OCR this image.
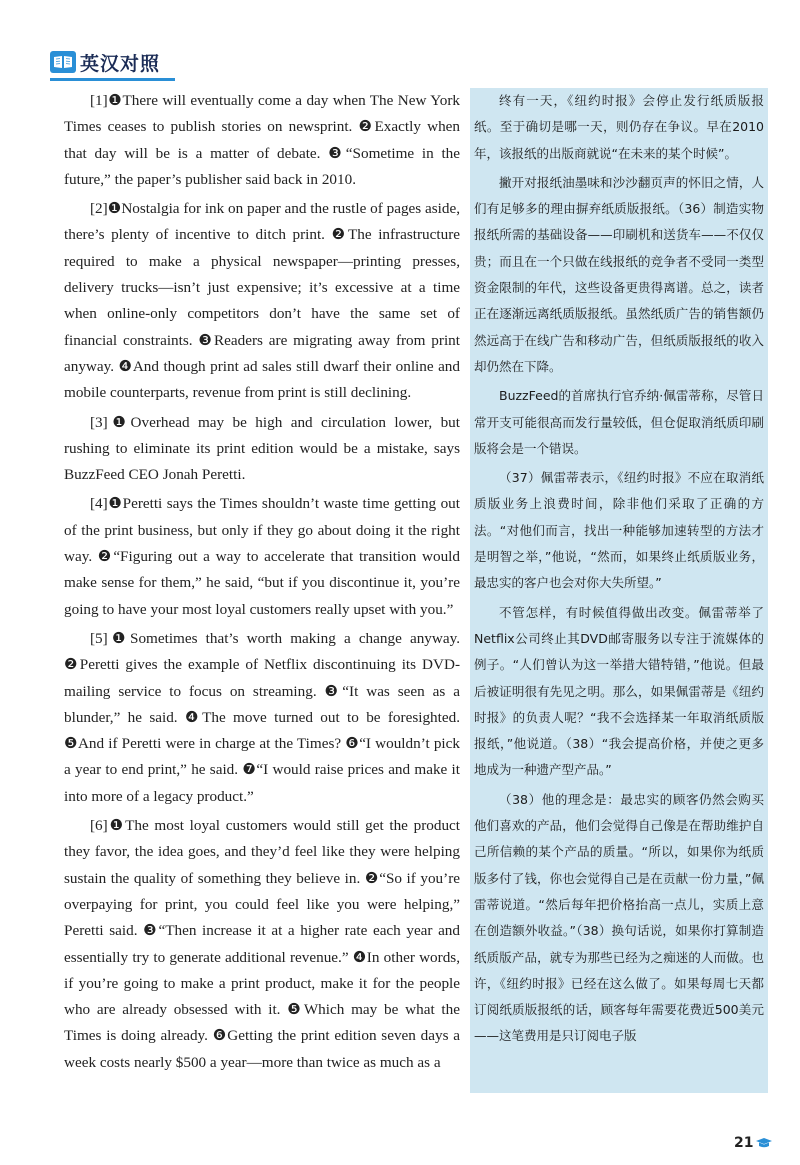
英汉对照

[1]❶There will eventually come a day when The New York Times ceases to publish stories on newsprint. ❷Exactly when that day will be is a matter of debate. ❸“Sometime in the future,” the paper’s publisher said back in 2010.

[2]❶Nostalgia for ink on paper and the rustle of pages aside, there’s plenty of incentive to ditch print. ❷The infrastructure required to make a physical newspaper—printing presses, delivery trucks—isn’t just expensive; it’s excessive at a time when online-only competitors don’t have the same set of financial constraints. ❸Readers are migrating away from print anyway. ❹And though print ad sales still dwarf their online and mobile counterparts, revenue from print is still declining.

[3]❶Overhead may be high and circulation lower, but rushing to eliminate its print edition would be a mistake, says BuzzFeed CEO Jonah Peretti.

[4]❶Peretti says the Times shouldn’t waste time getting out of the print business, but only if they go about doing it the right way. ❷“Figuring out a way to accelerate that transition would make sense for them,” he said, “but if you discontinue it, you’re going to have your most loyal customers really upset with you.”

[5]❶Sometimes that’s worth making a change anyway. ❷Peretti gives the example of Netflix discontinuing its DVD-mailing service to focus on streaming. ❸“It was seen as a blunder,” he said. ❹The move turned out to be foresighted. ❺And if Peretti were in charge at the Times? ❻“I wouldn’t pick a year to end print,” he said. ❼“I would raise prices and make it into more of a legacy product.”

[6]❶The most loyal customers would still get the product they favor, the idea goes, and they’d feel like they were helping sustain the quality of something they believe in. ❷“So if you’re overpaying for print, you could feel like you were helping,” Peretti said. ❸“Then increase it at a higher rate each year and essentially try to generate additional revenue.” ❹In other words, if you’re going to make a print product, make it for the people who are already obsessed with it. ❺Which may be what the Times is doing already. ❻Getting the print edition seven days a week costs nearly $500 a year—more than twice as much as a

终有一天，《纽约时报》会停止发行纸质版报纸。至于确切是哪一天，则仍存在争议。早在2010年，该报纸的出版商就说“在未来的某个时候”。

撇开对报纸油墨味和沙沙翻页声的怀旧之情，人们有足够多的理由摒弃纸质版报纸。（36）制造实物报纸所需的基础设备——印刷机和送货车——不仅仅贵；而且在一个只做在线报纸的竞争者不受同一类型资金限制的年代，这些设备更贵得离谱。总之，读者正在逐渐远离纸质版报纸。虽然纸质广告的销售额仍然远高于在线广告和移动广告，但纸质版报纸的收入却仍然在下降。

BuzzFeed的首席执行官乔纳·佩雷蒂称，尽管日常开支可能很高而发行量较低，但仓促取消纸质印刷版将会是一个错误。

（37）佩雷蒂表示，《纽约时报》不应在取消纸质版业务上浪费时间，除非他们采取了正确的方法。“对他们而言，找出一种能够加速转型的方法才是明智之举，”他说，“然而，如果终止纸质版业务，最忠实的客户也会对你大失所望。”

不管怎样，有时候值得做出改变。佩雷蒂举了Netflix公司终止其DVD邮寄服务以专注于流媒体的例子。“人们曾认为这一举措大错特错，”他说。但最后被证明很有先见之明。那么，如果佩雷蒂是《纽约时报》的负责人呢？“我不会选择某一年取消纸质版报纸，”他说道。（38）“我会提高价格，并使之更多地成为一种遗产型产品。”

（38）他的理念是：最忠实的顾客仍然会购买他们喜欢的产品，他们会觉得自己像是在帮助维护自己所信赖的某个产品的质量。“所以，如果你为纸质版多付了钱，你也会觉得自己是在贡献一份力量，”佩雷蒂说道。“然后每年把价格抬高一点儿，实质上意在创造额外收益。”（38）换句话说，如果你打算制造纸质版产品，就专为那些已经为之痴迷的人而做。也许，《纽约时报》已经在这么做了。如果每周七天都订阅纸质版报纸的话，顾客每年需要花费近500美元——这笔费用是只订阅电子版

21
